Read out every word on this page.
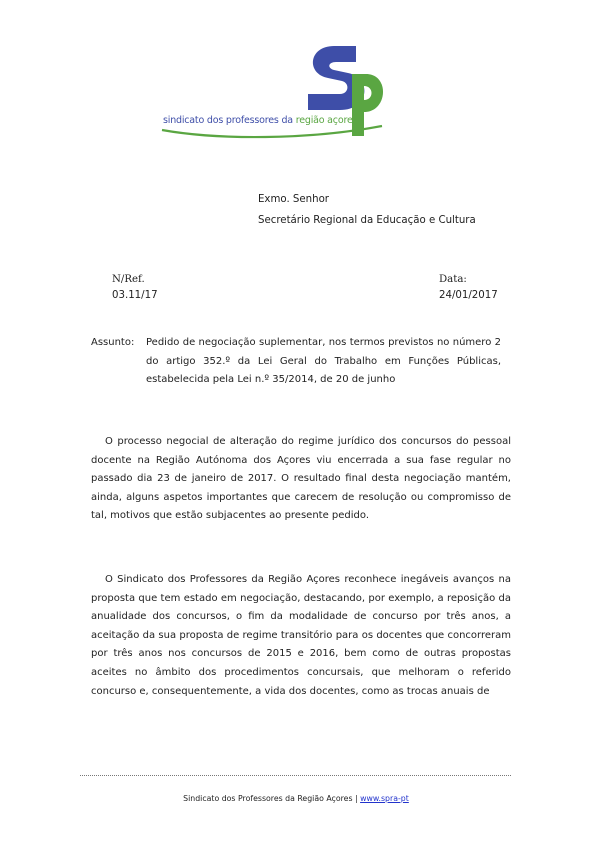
sindicato dos professores da região açores
Exmo. Senhor
Secretário Regional da Educação e Cultura
N/Ref.
03.11/17
Data:
24/01/2017
Assunto: Pedido de negociação suplementar, nos termos previstos no número 2 do artigo 352.º da Lei Geral do Trabalho em Funções Públicas, estabelecida pela Lei n.º 35/2014, de 20 de junho
O processo negocial de alteração do regime jurídico dos concursos do pessoal docente na Região Autónoma dos Açores viu encerrada a sua fase regular no passado dia 23 de janeiro de 2017. O resultado final desta negociação mantém, ainda, alguns aspetos importantes que carecem de resolução ou compromisso de tal, motivos que estão subjacentes ao presente pedido.
O Sindicato dos Professores da Região Açores reconhece inegáveis avanços na proposta que tem estado em negociação, destacando, por exemplo, a reposição da anualidade dos concursos, o fim da modalidade de concurso por três anos, a aceitação da sua proposta de regime transitório para os docentes que concorreram por três anos nos concursos de 2015 e 2016, bem como de outras propostas aceites no âmbito dos procedimentos concursais, que melhoram o referido concurso e, consequentemente, a vida dos docentes, como as trocas anuais de
Sindicato dos Professores da Região Açores | www.spra-pt
